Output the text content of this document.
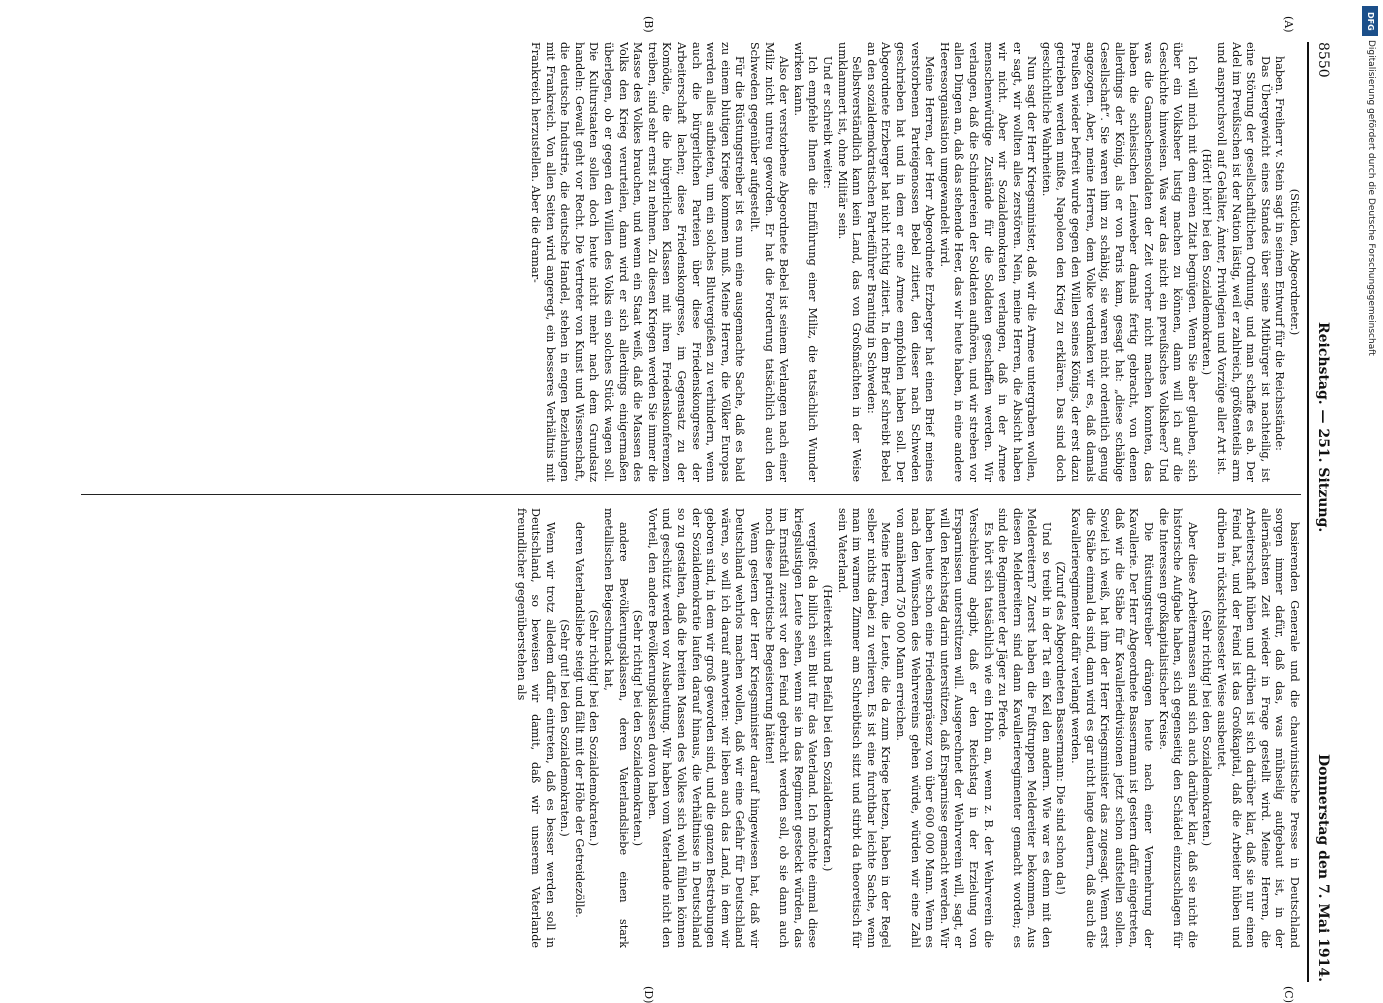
8550
Reichstag. — 251. Sitzung.
Donnerstag den 7. Mai 1914.

(Stücklen, Abgeordneter.)

haben. Freiherr v. Stein sagt in seinem Entwurf für die Reichsstände:

Das Übergewicht eines Standes über seine Mitbürger ist nachteilig, ist eine Störung der gesellschaftlichen Ordnung, und man schaffe es ab. Der Adel im Preußischen ist der Nation lästig, weil er zahlreich, größtenteils arm und anspruchsvoll auf Gehälter, Ämter, Privilegien und Vorzüge aller Art ist.

(Hört! hört! bei den Sozialdemokraten.)

Ich will mich mit dem einen Zitat begnügen. Wenn Sie aber glauben, sich über ein Volksheer lustig machen zu können, dann will ich auf die Geschichte hinweisen. Was war das nicht ein preußisches Volksheer? Und was die Gamaschensoldaten der Zeit vorher nicht machen konnten, das haben die schlesischen Leinweber damals fertig gebracht, von denen allerdings der König, als er von Paris kam, gesagt hat: „diese schäbige Gesellschaft“. Sie waren ihm zu schäbig, sie waren nicht ordentlich genug angezogen. Aber, meine Herren, dem Volke verdanken wir es, daß damals Preußen wieder befreit wurde gegen den Willen seines Königs, der erst dazu getrieben werden mußte, Napoleon den Krieg zu erklären. Das sind doch geschichtliche Wahrheiten.

Nun sagt der Herr Kriegsminister, daß wir die Armee untergraben wollen, er sagt, wir wollten alles zerstören. Nein, meine Herren, die Absicht haben wir nicht. Aber wir Sozialdemokraten verlangen, daß in der Armee menschenwürdige Zustände für die Soldaten geschaffen werden. Wir verlangen, daß die Schindereien der Soldaten aufhören, und wir streben vor allen Dingen an, daß das stehende Heer, das wir heute haben, in eine andere Heeresorganisation umgewandelt wird.

Meine Herren, der Herr Abgeordnete Erzberger hat einen Brief meines verstorbenen Parteigenossen Bebel zitiert, den dieser nach Schweden geschrieben hat und in dem er eine Armee empfohlen haben soll. Der Abgeordnete Erzberger hat nicht richtig zitiert. In dem Brief schreibt Bebel an den sozialdemokratischen Parteiführer Branting in Schweden:

Selbstverständlich kann kein Land, das von Großmächten in der Weise umklammert ist, ohne Militär sein.

Und er schreibt weiter:

Ich empfehle Ihnen die Einführung einer Miliz, die tatsächlich Wunder wirken kann.

Also der verstorbene Abgeordnete Bebel ist seinem Verlangen nach einer Miliz nicht untreu geworden. Er hat die Forderung tatsächlich auch den Schweden gegenüber aufgestellt.

Für die Rüstungstreiber ist es nun eine ausgemachte Sache, daß es bald zu einem blutigen Kriege kommen muß. Meine Herren, die Völker Europas werden alles aufbieten, um ein solches Blutvergießen zu verhindern, wenn auch die bürgerlichen Parteien über diese Friedenskongresse der Arbeiterschaft lachen; diese Friedenskongresse, im Gegensatz zu der Komödie, die die bürgerlichen Klassen mit ihren Friedenskonferenzen treiben, sind sehr ernst zu nehmen. Zu diesen Kriegen werden Sie immer die Masse des Volkes brauchen, und wenn ein Staat weiß, daß die Massen des Volks den Krieg verurteilen, dann wird er sich allerdings einigermaßen überlegen, ob er gegen den Willen des Volks ein solches Stück wagen soll. Die Kulturstaaten sollen doch heute nicht mehr nach dem Grundsatz handeln: Gewalt geht vor Recht. Die Vertreter von Kunst und Wissenschaft, die deutsche Industrie, die deutsche Handel, stehen in engen Beziehungen mit Frankreich. Von allen Seiten wird angeregt, ein besseres Verhältnis mit Frankreich herzustellen. Aber die dramar-

basierenden Generale und die chauvinistische Presse in Deutschland sorgen immer dafür, daß das, was mühselig aufgebaut ist, in der allernächsten Zeit wieder in Frage gestellt wird. Meine Herren, die Arbeiterschaft hüben und drüben ist sich darüber klar, daß sie nur einen Feind hat, und der Feind ist das Großkapital, daß die Arbeiter hüben und drüben in rücksichtslosester Weise ausbeutet.

(Sehr richtig! bei den Sozialdemokraten.)

Aber diese Arbeitermassen sind sich auch darüber klar, daß sie nicht die historische Aufgabe haben, sich gegenseitig den Schädel einzuschlagen für die Interessen großkapitalistischer Kreise.

Die Rüstungstreiber drängen heute nach einer Vermehrung der Kavallerie. Der Herr Abgeordnete Bassermann ist gestern dafür eingetreten, daß wir die Stäbe für Kavalleriedivisionen jetzt schon aufstellen sollen. Soviel ich weiß, hat ihm der Herr Kriegsminister das zugesagt. Wenn erst die Stäbe einmal da sind, dann wird es gar nicht lange dauern, daß auch die Kavallerieregimenter dafür verlangt werden.

(Zuruf des Abgeordneten Bassermann: Die sind schon da!)

Und so treibt in der Tat ein Keil den andern. Wie war es denn mit den Meldereitern? Zuerst haben die Fußtruppen Meldereiter bekommen. Aus diesen Meldereitern sind dann Kavallerieregimenter gemacht worden; es sind die Regimenter der Jäger zu Pferde.

Es hört sich tatsächlich wie ein Hohn an, wenn z. B. der Wehrverein die Verschiebung abgibt, daß er den Reichstag in der Erzielung von Ersparnissen unterstützen will. Ausgerechnet der Wehrverein will, sagt, er will den Reichstag darin unterstützen, daß Ersparnisse gemacht werden. Wir haben heute schon eine Friedenspräsenz von über 600 000 Mann. Wenn es nach den Wünschen des Wehrvereins gehen würde, würden wir eine Zahl von annähernd 750 000 Mann erreichen.

Meine Herren, die Leute, die da zum Kriege hetzen, haben in der Regel selber nichts dabei zu verlieren. Es ist eine furchtbar leichte Sache, wenn man im warmen Zimmer am Schreibtisch sitzt und stirbt da theoretisch für sein Vaterland.

(Heiterkeit und Beifall bei den Sozialdemokraten.)

vergießt da billich sein Blut für das Vaterland. Ich möchte einmal diese kriegslustigen Leute sehen, wenn sie in das Regiment gesteckt würden, das im Ernstfall zuerst vor den Feind gebracht werden soll, ob sie dann auch noch diese patriotische Begeisterung hätten!

Wenn gestern der Herr Kriegsminister darauf hingewiesen hat, daß wir Deutschland wehrlos machen wollen, daß wir eine Gefahr für Deutschland wären, so will ich darauf antworten: wir lieben auch das Land, in dem wir geboren sind, in dem wir groß geworden sind, und die ganzen Bestrebungen der Sozialdemokratie laufen darauf hinaus, die Verhältnisse in Deutschland so zu gestalten, daß die breiten Massen des Volkes sich wohl fühlen können und geschützt werden vor Ausbeutung. Wir haben vom Vaterlande nicht den Vorteil, den andere Bevölkerungsklassen davon haben.

(Sehr richtig! bei den Sozialdemokraten.)

andere Bevölkerungsklassen, deren Vaterlandsliebe einen stark metallischen Beigeschmack hat,

(Sehr richtig! bei den Sozialdemokraten.)

deren Vaterlandsliebe steigt und fällt mit der Höhe der Getreidezölle.

(Sehr gut! bei den Sozialdemokraten.)

Wenn wir trotz alledem dafür eintreten, daß es besser werden soll in Deutschland, so beweisen wir damit, daß wir unserem Vaterlande freundlicher gegenüberstehen als

(A)
(B)
(C)
(D)
DFG
Digitalisierung gefördert durch die Deutsche Forschungsgemeinschaft
